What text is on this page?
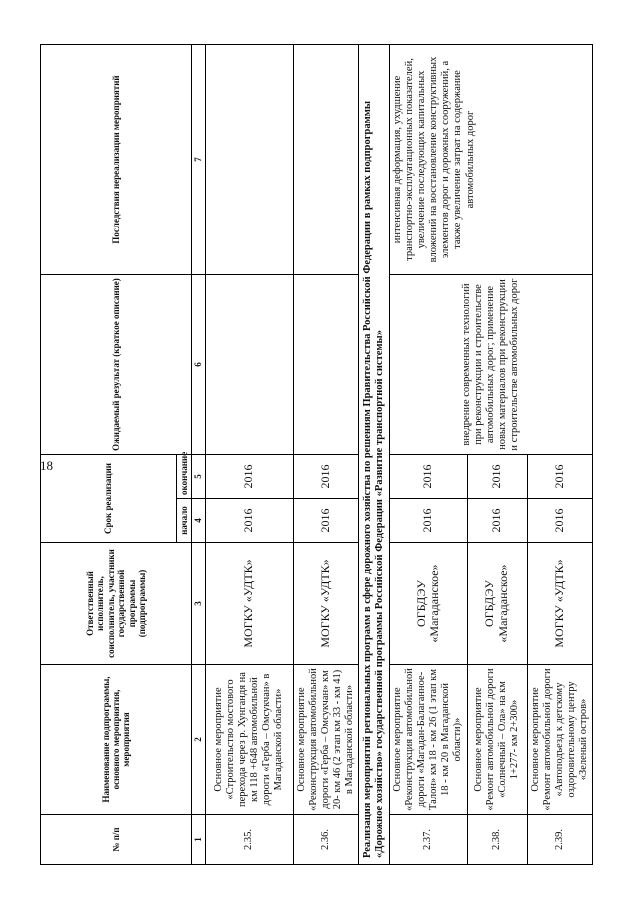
18
№ п/п	Наименование подпрограммы, основного мероприятия, мероприятия	Ответственный исполнитель, соисполнитель, участники государственной программы (подпрограммы)	Срок реализации		Ожидаемый результат (краткое описание)	Последствия нереализации мероприятий
			начало	окончание		
1	2	3	4	5	6	7
2.35.	Основное мероприятие «Строительство мостового перехода через р. Хунгандя на км 118 +648 автомобильной дороги «Герба – Омсукчан» в Магаданской области»	МОГКУ «УДТК»	2016	2016		
2.36.	Основное мероприятие «Реконструкция автомобильной дороги «Герба – Омсукчан» км 20- км 46 (2 этап км 33 - км 41) в Магаданской области»	МОГКУ «УДТК»	2016	2016		
Реализация мероприятий региональных программ в сфере дорожного хозяйства по решениям Правительства Российской Федерации в рамках подпрограммы «Дорожное хозяйство» государственной программы Российской Федерации «Развитие транспортной системы»						
2.37.	Основное мероприятие «Реконструкция автомобильной дороги «Магадан-Балаганное-Талон» км 18 - км 26 (1 этап км 18 - км 20 в Магаданской области)»	ОГБДЭУ «Магаданское»	2016	2016	внедрение современных технологий при реконструкции и строительстве автомобильных дорог; применение новых материалов при реконструкции и строительстве автомобильных дорог	интенсивная деформация, ухудшение транспортно-эксплуатационных показателей, увеличение последующих капитальных вложений на восстановление конструктивных элементов дорог и дорожных сооружений, а также увеличение затрат на содержание автомобильных дорог
2.38.	Основное мероприятие «Ремонт автомобильной дороги «Солнечный – Ола» на км 1+277- км 2+300»	ОГБДЭУ «Магаданское»	2016	2016		
2.39.	Основное мероприятие «Ремонт автомобильной дороги «Автоподъезд к детскому оздоровительному центру «Зеленый остров»	МОГКУ «УДТК»	2016	2016		
